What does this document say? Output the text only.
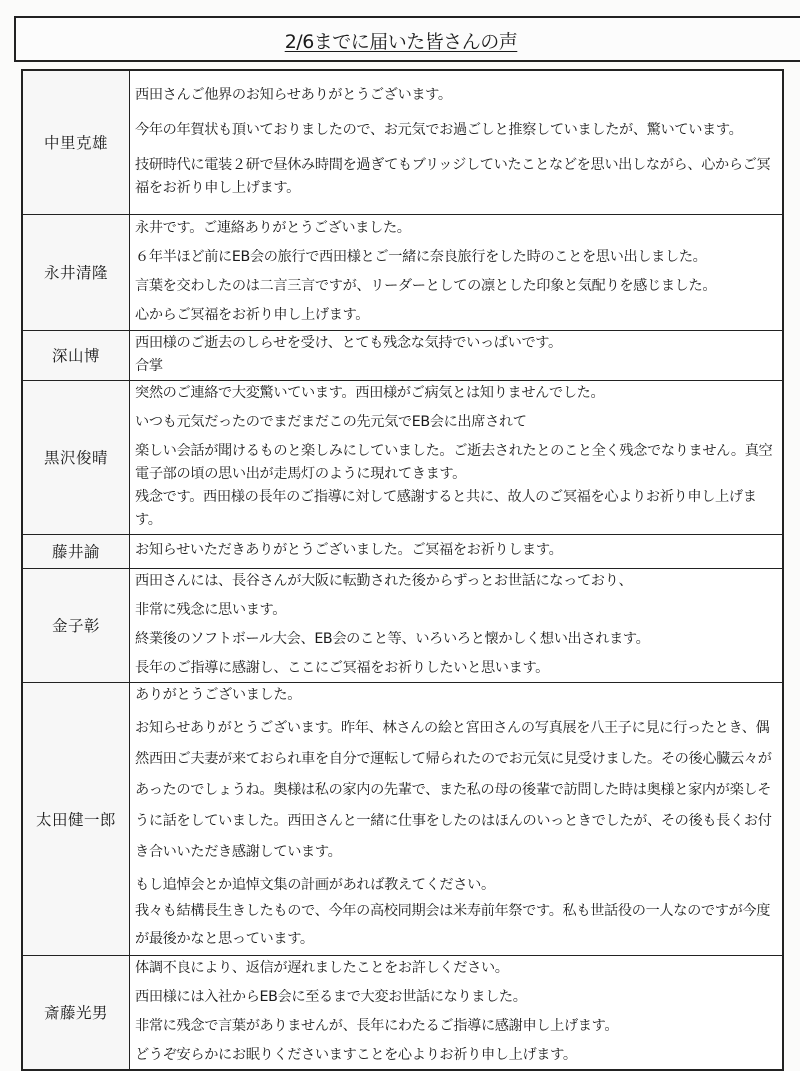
2/6までに届いた皆さんの声
中里克雄	西田さんご他界のお知らせありがとうございます。

今年の年賀状も頂いておりましたので、お元気でお過ごしと推察していましたが、驚いています。

技研時代に電装２研で昼休み時間を過ぎてもブリッジしていたことなどを思い出しながら、心からご冥福をお祈り申し上げます。

永井清隆	永井です。ご連絡ありがとうございました。

６年半ほど前にEB会の旅行で西田様とご一緒に奈良旅行をした時のことを思い出しました。

言葉を交わしたのは二言三言ですが、リーダーとしての凛とした印象と気配りを感じました。

心からご冥福をお祈り申し上げます。

深山博	西田様のご逝去のしらせを受け、とても残念な気持でいっぱいです。

合掌

黒沢俊晴	突然のご連絡で大変驚いています。西田様がご病気とは知りませんでした。

いつも元気だったのでまだまだこの先元気でEB会に出席されて

楽しい会話が聞けるものと楽しみにしていました。ご逝去されたとのこと全く残念でなりません。真空電子部の頃の思い出が走馬灯のように現れてきます。

残念です。西田様の長年のご指導に対して感謝すると共に、故人のご冥福を心よりお祈り申し上げます。

藤井諭	お知らせいただきありがとうございました。ご冥福をお祈りします。

金子彰	西田さんには、長谷さんが大阪に転勤された後からずっとお世話になっており、

非常に残念に思います。

終業後のソフトボール大会、EB会のこと等、いろいろと懐かしく想い出されます。

長年のご指導に感謝し、ここにご冥福をお祈りしたいと思います。

太田健一郎	ありがとうございました。

お知らせありがとうございます。昨年、林さんの絵と宮田さんの写真展を八王子に見に行ったとき、偶然西田ご夫妻が来ておられ車を自分で運転して帰られたのでお元気に見受けました。その後心臓云々があったのでしょうね。奥様は私の家内の先輩で、また私の母の後輩で訪問した時は奥様と家内が楽しそうに話をしていました。西田さんと一緒に仕事をしたのはほんのいっときでしたが、その後も長くお付き合いいただき感謝しています。

もし追悼会とか追悼文集の計画があれば教えてください。

我々も結構長生きしたもので、今年の高校同期会は米寿前年祭です。私も世話役の一人なのですが今度が最後かなと思っています。

斎藤光男	体調不良により、返信が遅れましたことをお許しください。

西田様には入社からEB会に至るまで大変お世話になりました。

非常に残念で言葉がありませんが、長年にわたるご指導に感謝申し上げます。

どうぞ安らかにお眠りくださいますことを心よりお祈り申し上げます。
